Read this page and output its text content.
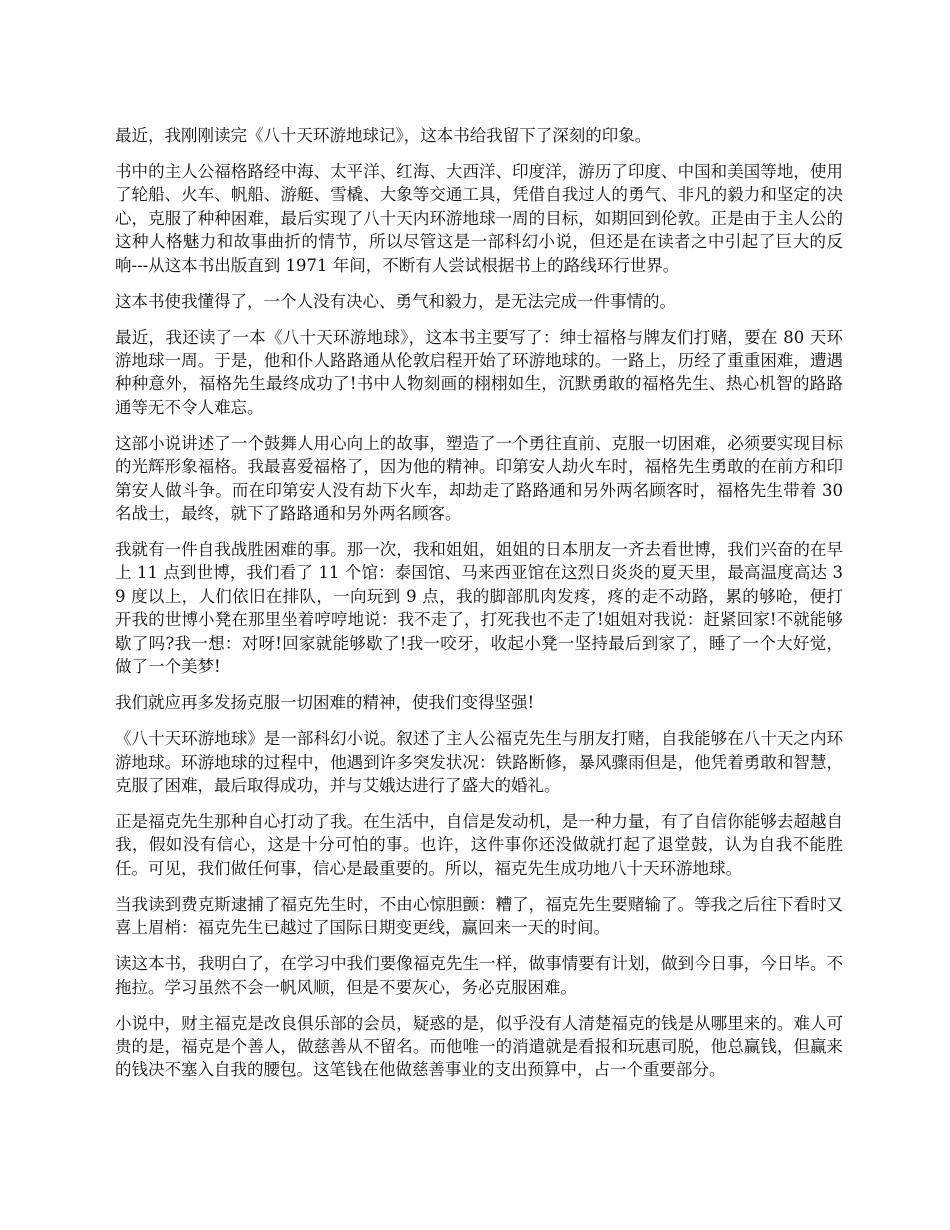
最近，我刚刚读完《八十天环游地球记》，这本书给我留下了深刻的印象。

书中的主人公福格路经中海、太平洋、红海、大西洋、印度洋，游历了印度、中国和美国等地，使用了轮船、火车、帆船、游艇、雪橇、大象等交通工具，凭借自我过人的勇气、非凡的毅力和坚定的决心，克服了种种困难，最后实现了八十天内环游地球一周的目标，如期回到伦敦。正是由于主人公的这种人格魅力和故事曲折的情节，所以尽管这是一部科幻小说，但还是在读者之中引起了巨大的反响---从这本书出版直到 1971 年间，不断有人尝试根据书上的路线环行世界。

这本书使我懂得了，一个人没有决心、勇气和毅力，是无法完成一件事情的。

最近，我还读了一本《八十天环游地球》，这本书主要写了：绅士福格与牌友们打赌，要在 80 天环游地球一周。于是，他和仆人路路通从伦敦启程开始了环游地球的。一路上，历经了重重困难，遭遇种种意外，福格先生最终成功了!书中人物刻画的栩栩如生，沉默勇敢的福格先生、热心机智的路路通等无不令人难忘。

这部小说讲述了一个鼓舞人用心向上的故事，塑造了一个勇往直前、克服一切困难，必须要实现目标的光辉形象福格。我最喜爱福格了，因为他的精神。印第安人劫火车时，福格先生勇敢的在前方和印第安人做斗争。而在印第安人没有劫下火车，却劫走了路路通和另外两名顾客时，福格先生带着 30 名战士，最终，就下了路路通和另外两名顾客。

我就有一件自我战胜困难的事。那一次，我和姐姐，姐姐的日本朋友一齐去看世博，我们兴奋的在早上 11 点到世博，我们看了 11 个馆：泰国馆、马来西亚馆在这烈日炎炎的夏天里，最高温度高达 39 度以上，人们依旧在排队，一向玩到 9 点，我的脚部肌肉发疼，疼的走不动路，累的够呛，便打开我的世博小凳在那里坐着哼哼地说：我不走了，打死我也不走了!姐姐对我说：赶紧回家!不就能够歇了吗?我一想：对呀!回家就能够歇了!我一咬牙，收起小凳一坚持最后到家了，睡了一个大好觉，做了一个美梦!

我们就应再多发扬克服一切困难的精神，使我们变得坚强!

《八十天环游地球》是一部科幻小说。叙述了主人公福克先生与朋友打赌，自我能够在八十天之内环游地球。环游地球的过程中，他遇到许多突发状况：铁路断修，暴风骤雨但是，他凭着勇敢和智慧，克服了困难，最后取得成功，并与艾娥达进行了盛大的婚礼。

正是福克先生那种自心打动了我。在生活中，自信是发动机，是一种力量，有了自信你能够去超越自我，假如没有信心，这是十分可怕的事。也许，这件事你还没做就打起了退堂鼓，认为自我不能胜任。可见，我们做任何事，信心是最重要的。所以，福克先生成功地八十天环游地球。

当我读到费克斯逮捕了福克先生时，不由心惊胆颤：糟了，福克先生要赌输了。等我之后往下看时又喜上眉梢：福克先生已越过了国际日期变更线，赢回来一天的时间。

读这本书，我明白了，在学习中我们要像福克先生一样，做事情要有计划，做到今日事，今日毕。不拖拉。学习虽然不会一帆风顺，但是不要灰心，务必克服困难。

小说中，财主福克是改良俱乐部的会员，疑惑的是，似乎没有人清楚福克的钱是从哪里来的。难人可贵的是，福克是个善人，做慈善从不留名。而他唯一的消遣就是看报和玩惠司脱，他总赢钱，但赢来的钱决不塞入自我的腰包。这笔钱在他做慈善事业的支出预算中，占一个重要部分。
